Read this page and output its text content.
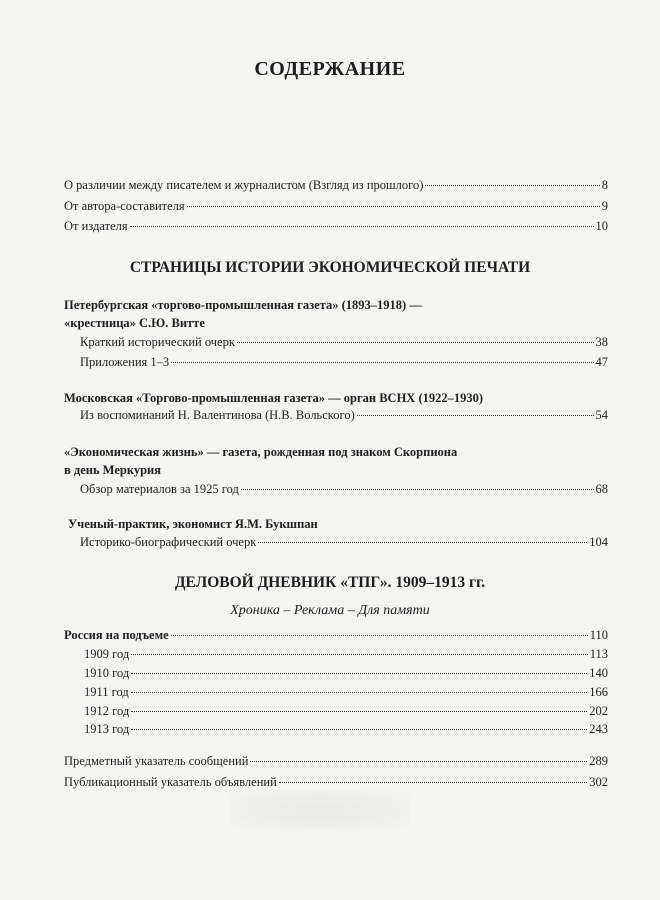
СОДЕРЖАНИЕ
О различии между писателем и журналистом (Взгляд из прошлого)	8
От автора-составителя	9
От издателя	10
СТРАНИЦЫ ИСТОРИИ ЭКОНОМИЧЕСКОЙ ПЕЧАТИ
Петербургская «торгово-промышленная газета» (1893–1918) —
«крестница» С.Ю. Витте
Краткий исторический очерк	38
Приложения 1–3	47
Московская «Торгово-промышленная газета» — орган ВСНХ (1922–1930)
Из воспоминаний Н. Валентинова (Н.В. Вольского)	54
«Экономическая жизнь» — газета, рожденная под знаком Скорпиона
в день Меркурия
Обзор материалов за 1925 год	68
Ученый-практик, экономист Я.М. Букшпан
Историко-биографический очерк	104
ДЕЛОВОЙ ДНЕВНИК «ТПГ». 1909–1913 гг.
Хроника – Реклама – Для памяти
Россия на подъеме	110
1909 год	113
1910 год	140
1911 год	166
1912 год	202
1913 год	243
Предметный указатель сообщений	289
Публикационный указатель объявлений	302
